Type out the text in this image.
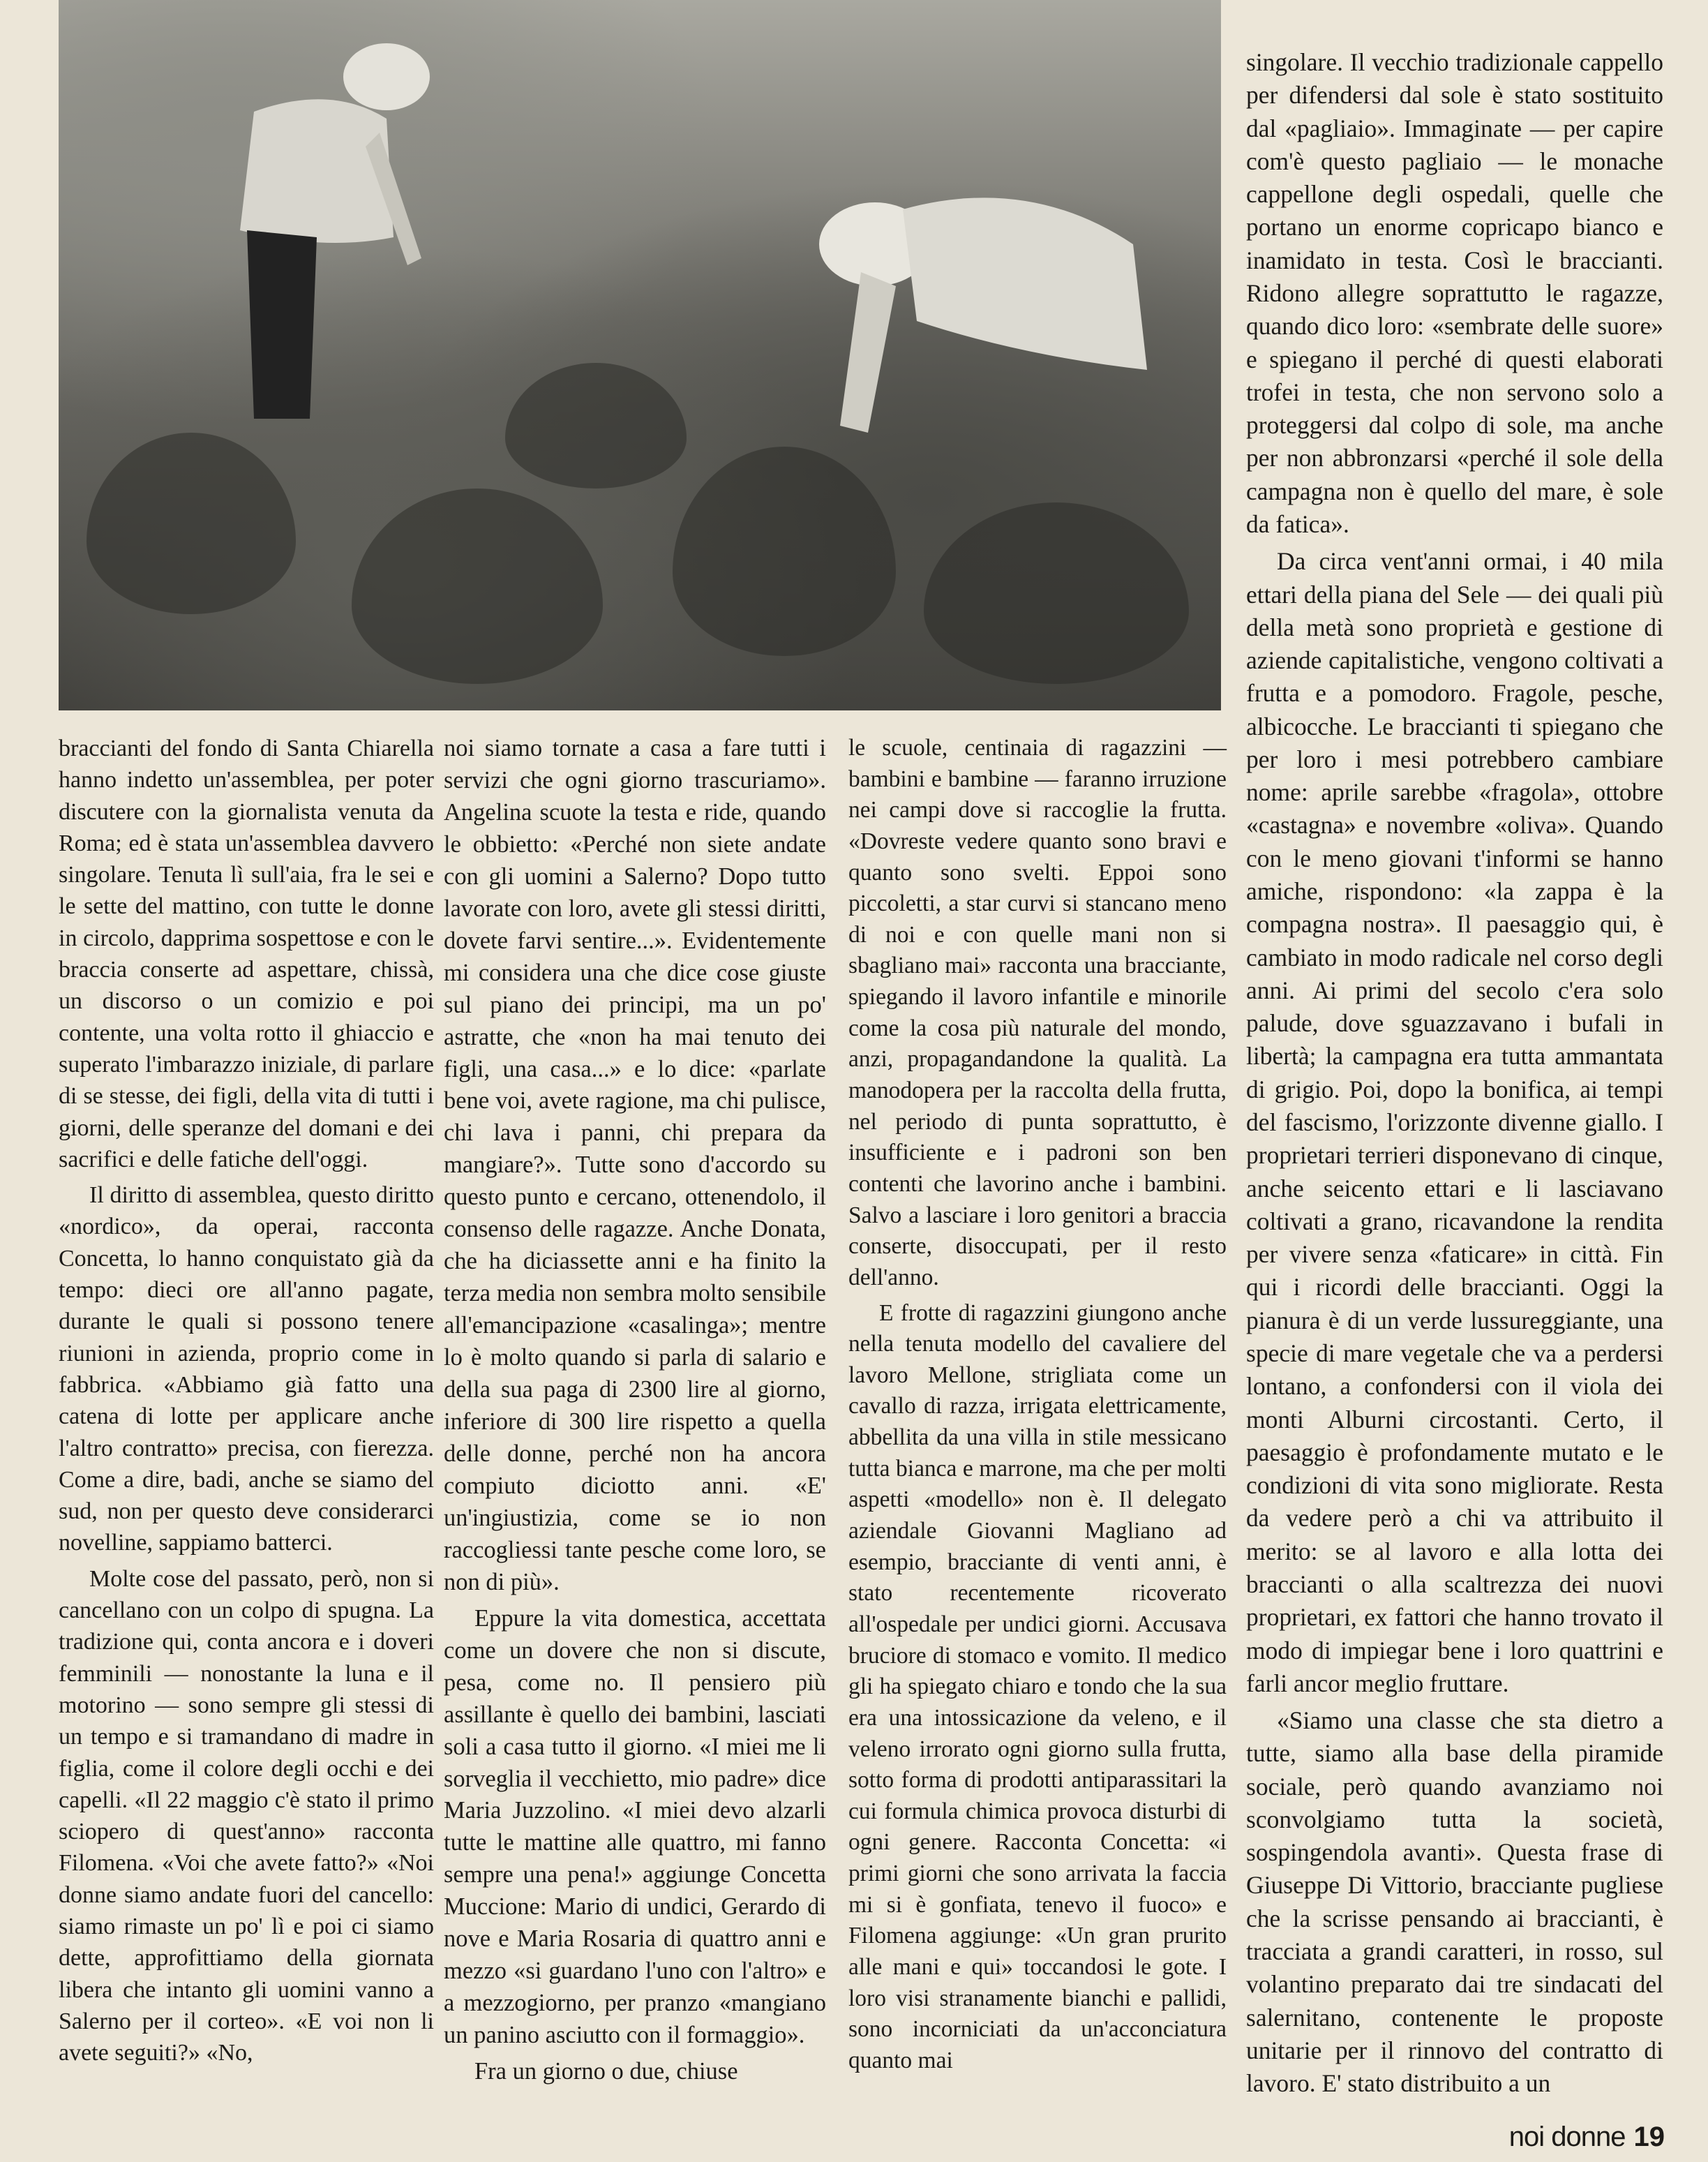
braccianti del fondo di Santa Chiarella hanno indetto un'assemblea, per poter discutere con la giornalista venuta da Roma; ed è stata un'assemblea davvero singolare. Tenuta lì sull'aia, fra le sei e le sette del mattino, con tutte le donne in circolo, dapprima sospettose e con le braccia conserte ad aspettare, chissà, un discorso o un comizio e poi contente, una volta rotto il ghiaccio e superato l'imbarazzo iniziale, di parlare di se stesse, dei figli, della vita di tutti i giorni, delle speranze del domani e dei sacrifici e delle fatiche dell'oggi.

Il diritto di assemblea, questo diritto «nordico», da operai, racconta Concetta, lo hanno conquistato già da tempo: dieci ore all'anno pagate, durante le quali si possono tenere riunioni in azienda, proprio come in fabbrica. «Abbiamo già fatto una catena di lotte per applicare anche l'altro contratto» precisa, con fierezza. Come a dire, badi, anche se siamo del sud, non per questo deve considerarci novelline, sappiamo batterci.

Molte cose del passato, però, non si cancellano con un colpo di spugna. La tradizione qui, conta ancora e i doveri femminili — nonostante la luna e il motorino — sono sempre gli stessi di un tempo e si tramandano di madre in figlia, come il colore degli occhi e dei capelli. «Il 22 maggio c'è stato il primo sciopero di quest'anno» racconta Filomena. «Voi che avete fatto?» «Noi donne siamo andate fuori del cancello: siamo rimaste un po' lì e poi ci siamo dette, approfittiamo della giornata libera che intanto gli uomini vanno a Salerno per il corteo». «E voi non li avete seguiti?» «No,

noi siamo tornate a casa a fare tutti i servizi che ogni giorno trascuriamo». Angelina scuote la testa e ride, quando le obbietto: «Perché non siete andate con gli uomini a Salerno? Dopo tutto lavorate con loro, avete gli stessi diritti, dovete farvi sentire...». Evidentemente mi considera una che dice cose giuste sul piano dei principi, ma un po' astratte, che «non ha mai tenuto dei figli, una casa...» e lo dice: «parlate bene voi, avete ragione, ma chi pulisce, chi lava i panni, chi prepara da mangiare?». Tutte sono d'accordo su questo punto e cercano, ottenendolo, il consenso delle ragazze. Anche Donata, che ha diciassette anni e ha finito la terza media non sembra molto sensibile all'emancipazione «casalinga»; mentre lo è molto quando si parla di salario e della sua paga di 2300 lire al giorno, inferiore di 300 lire rispetto a quella delle donne, perché non ha ancora compiuto diciotto anni. «E' un'ingiustizia, come se io non raccogliessi tante pesche come loro, se non di più».

Eppure la vita domestica, accettata come un dovere che non si discute, pesa, come no. Il pensiero più assillante è quello dei bambini, lasciati soli a casa tutto il giorno. «I miei me li sorveglia il vecchietto, mio padre» dice Maria Juzzolino. «I miei devo alzarli tutte le mattine alle quattro, mi fanno sempre una pena!» aggiunge Concetta Muccione: Mario di undici, Gerardo di nove e Maria Rosaria di quattro anni e mezzo «si guardano l'uno con l'altro» e a mezzogiorno, per pranzo «mangiano un panino asciutto con il formaggio».

Fra un giorno o due, chiuse

le scuole, centinaia di ragazzini — bambini e bambine — faranno irruzione nei campi dove si raccoglie la frutta. «Dovreste vedere quanto sono bravi e quanto sono svelti. Eppoi sono piccoletti, a star curvi si stancano meno di noi e con quelle mani non si sbagliano mai» racconta una bracciante, spiegando il lavoro infantile e minorile come la cosa più naturale del mondo, anzi, propagandandone la qualità. La manodopera per la raccolta della frutta, nel periodo di punta soprattutto, è insufficiente e i padroni son ben contenti che lavorino anche i bambini. Salvo a lasciare i loro genitori a braccia conserte, disoccupati, per il resto dell'anno.

E frotte di ragazzini giungono anche nella tenuta modello del cavaliere del lavoro Mellone, strigliata come un cavallo di razza, irrigata elettricamente, abbellita da una villa in stile messicano tutta bianca e marrone, ma che per molti aspetti «modello» non è. Il delegato aziendale Giovanni Magliano ad esempio, bracciante di venti anni, è stato recentemente ricoverato all'ospedale per undici giorni. Accusava bruciore di stomaco e vomito. Il medico gli ha spiegato chiaro e tondo che la sua era una intossicazione da veleno, e il veleno irrorato ogni giorno sulla frutta, sotto forma di prodotti antiparassitari la cui formula chimica provoca disturbi di ogni genere. Racconta Concetta: «i primi giorni che sono arrivata la faccia mi si è gonfiata, tenevo il fuoco» e Filomena aggiunge: «Un gran prurito alle mani e qui» toccandosi le gote. I loro visi stranamente bianchi e pallidi, sono incorniciati da un'acconciatura quanto mai

singolare. Il vecchio tradizionale cappello per difendersi dal sole è stato sostituito dal «pagliaio». Immaginate — per capire com'è questo pagliaio — le monache cappellone degli ospedali, quelle che portano un enorme copricapo bianco e inamidato in testa. Così le braccianti. Ridono allegre soprattutto le ragazze, quando dico loro: «sembrate delle suore» e spiegano il perché di questi elaborati trofei in testa, che non servono solo a proteggersi dal colpo di sole, ma anche per non abbronzarsi «perché il sole della campagna non è quello del mare, è sole da fatica».

Da circa vent'anni ormai, i 40 mila ettari della piana del Sele — dei quali più della metà sono proprietà e gestione di aziende capitalistiche, vengono coltivati a frutta e a pomodoro. Fragole, pesche, albicocche. Le braccianti ti spiegano che per loro i mesi potrebbero cambiare nome: aprile sarebbe «fragola», ottobre «castagna» e novembre «oliva». Quando con le meno giovani t'informi se hanno amiche, rispondono: «la zappa è la compagna nostra». Il paesaggio qui, è cambiato in modo radicale nel corso degli anni. Ai primi del secolo c'era solo palude, dove sguazzavano i bufali in libertà; la campagna era tutta ammantata di grigio. Poi, dopo la bonifica, ai tempi del fascismo, l'orizzonte divenne giallo. I proprietari terrieri disponevano di cinque, anche seicento ettari e li lasciavano coltivati a grano, ricavandone la rendita per vivere senza «faticare» in città. Fin qui i ricordi delle braccianti. Oggi la pianura è di un verde lussureggiante, una specie di mare vegetale che va a perdersi lontano, a confondersi con il viola dei monti Alburni circostanti. Certo, il paesaggio è profondamente mutato e le condizioni di vita sono migliorate. Resta da vedere però a chi va attribuito il merito: se al lavoro e alla lotta dei braccianti o alla scaltrezza dei nuovi proprietari, ex fattori che hanno trovato il modo di impiegar bene i loro quattrini e farli ancor meglio fruttare.

«Siamo una classe che sta dietro a tutte, siamo alla base della piramide sociale, però quando avanziamo noi sconvolgiamo tutta la società, sospingendola avanti». Questa frase di Giuseppe Di Vittorio, bracciante pugliese che la scrisse pensando ai braccianti, è tracciata a grandi caratteri, in rosso, sul volantino preparato dai tre sindacati del salernitano, contenente le proposte unitarie per il rinnovo del contratto di lavoro. E' stato distribuito a un

noi donne 19
